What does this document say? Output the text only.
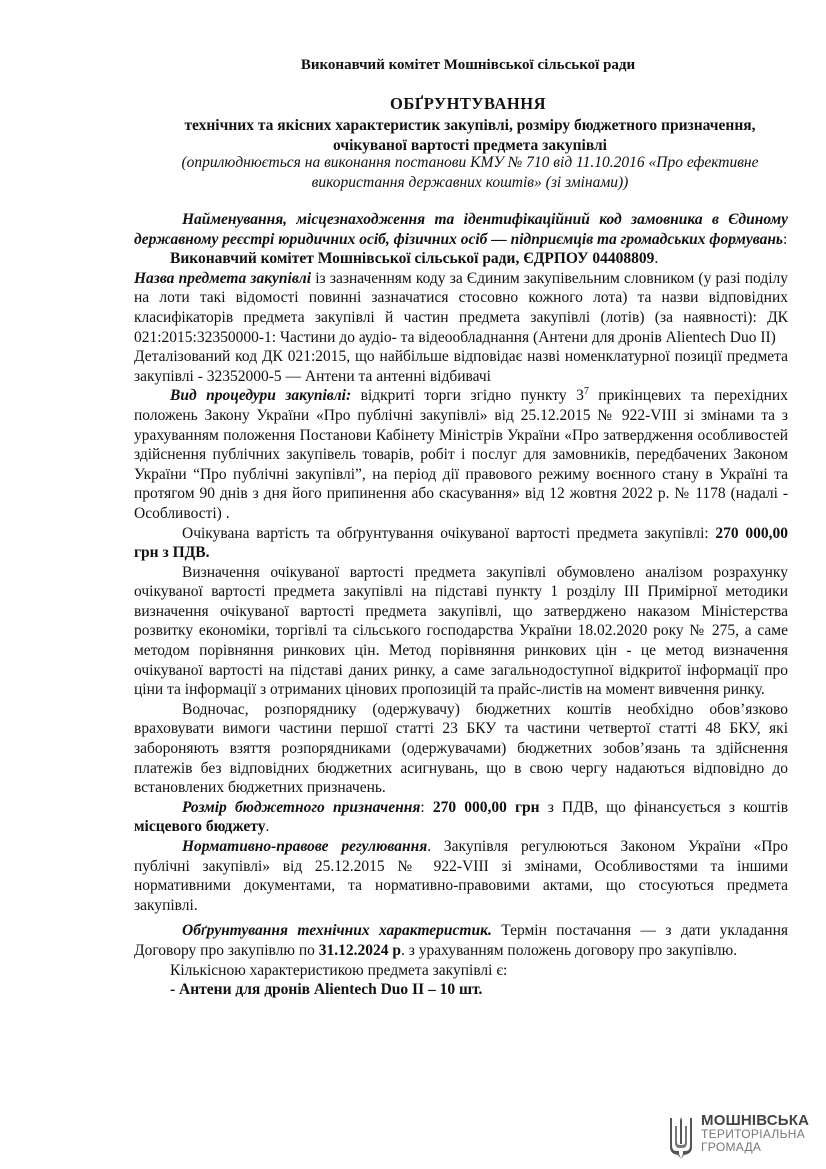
Виконавчий комітет Мошнівської сільської ради
ОБҐРУНТУВАННЯ
технічних та якісних характеристик закупівлі, розміру бюджетного призначення,
очікуваної вартості предмета закупівлі
(оприлюднюється на виконання постанови КМУ № 710 від 11.10.2016 «Про ефективне використання державних коштів» (зі змінами))

Найменування, місцезнаходження та ідентифікаційний код замовника в Єдиному державному реєстрі юридичних осіб, фізичних осіб — підприємців та громадських формувань:

Виконавчий комітет Мошнівської сільської ради, ЄДРПОУ 04408809.

Назва предмета закупівлі із зазначенням коду за Єдиним закупівельним словником (у разі поділу на лоти такі відомості повинні зазначатися стосовно кожного лота) та назви відповідних класифікаторів предмета закупівлі й частин предмета закупівлі (лотів) (за наявності): ДК 021:2015:32350000-1: Частини до аудіо- та відеообладнання (Антени для дронів Alientech Duo II)

Деталізований код ДК 021:2015, що найбільше відповідає назві номенклатурної позиції предмета закупівлі - 32352000-5 — Антени та антенні відбивачі

Вид процедури закупівлі: відкриті торги згідно пункту $3^7$ прикінцевих та перехідних положень Закону України «Про публічні закупівлі» від 25.12.2015 № 922-VIII зі змінами та з урахуванням положення Постанови Кабінету Міністрів України «Про затвердження особливостей здійснення публічних закупівель товарів, робіт і послуг для замовників, передбачених Законом України “Про публічні закупівлі”, на період дії правового режиму воєнного стану в Україні та протягом 90 днів з дня його припинення або скасування» від 12 жовтня 2022 р. № 1178 (надалі - Особливості) .

Очікувана вартість та обґрунтування очікуваної вартості предмета закупівлі: 270 000,00 грн з ПДВ.

Визначення очікуваної вартості предмета закупівлі обумовлено аналізом розрахунку очікуваної вартості предмета закупівлі на підставі пункту 1 розділу III Примірної методики визначення очікуваної вартості предмета закупівлі, що затверджено наказом Міністерства розвитку економіки, торгівлі та сільського господарства України 18.02.2020 року № 275, а саме методом порівняння ринкових цін. Метод порівняння ринкових цін - це метод визначення очікуваної вартості на підставі даних ринку, а саме загальнодоступної відкритої інформації про ціни та інформації з отриманих цінових пропозицій та прайс-листів на момент вивчення ринку.

Водночас, розпоряднику (одержувачу) бюджетних коштів необхідно обов’язково враховувати вимоги частини першої статті 23 БКУ та частини четвертої статті 48 БКУ, які забороняють взяття розпорядниками (одержувачами) бюджетних зобов’язань та здійснення платежів без відповідних бюджетних асигнувань, що в свою чергу надаються відповідно до встановлених бюджетних призначень.

Розмір бюджетного призначення: 270 000,00 грн з ПДВ, що фінансується з коштів місцевого бюджету.

Нормативно-правове регулювання. Закупівля регулюються Законом України «Про публічні закупівлі» від 25.12.2015 № 922-VIII зі змінами, Особливостями та іншими нормативними документами, та нормативно-правовими актами, що стосуються предмета закупівлі.

Обґрунтування технічних характеристик. Термін постачання — з дати укладання Договору про закупівлю по 31.12.2024 р. з урахуванням положень договору про закупівлю.

Кількісною характеристикою предмета закупівлі є:

- Антени для дронів Alientech Duo II – 10 шт.

МОШНІВСЬКА
ТЕРИТОРІАЛЬНА
ГРОМАДА
